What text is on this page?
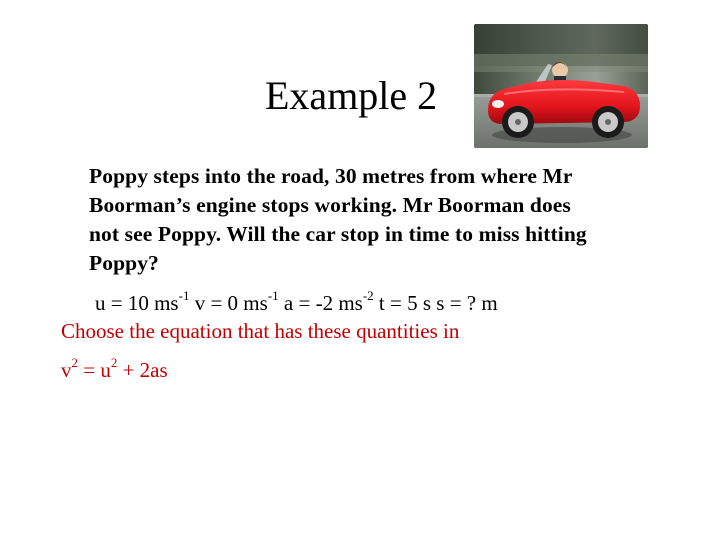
Example 2
Poppy steps into the road, 30 metres from where Mr
Boorman’s engine stops working. Mr Boorman does
not see Poppy. Will the car stop in time to miss hitting
Poppy?
u = 10 $ms^{-1}$ v = 0 $ms^{-1}$ a = -2 $ms^{-2}$ t = 5 s s = ? m
Choose the equation that has these quantities in
$v^2 = u^2 + 2as$
